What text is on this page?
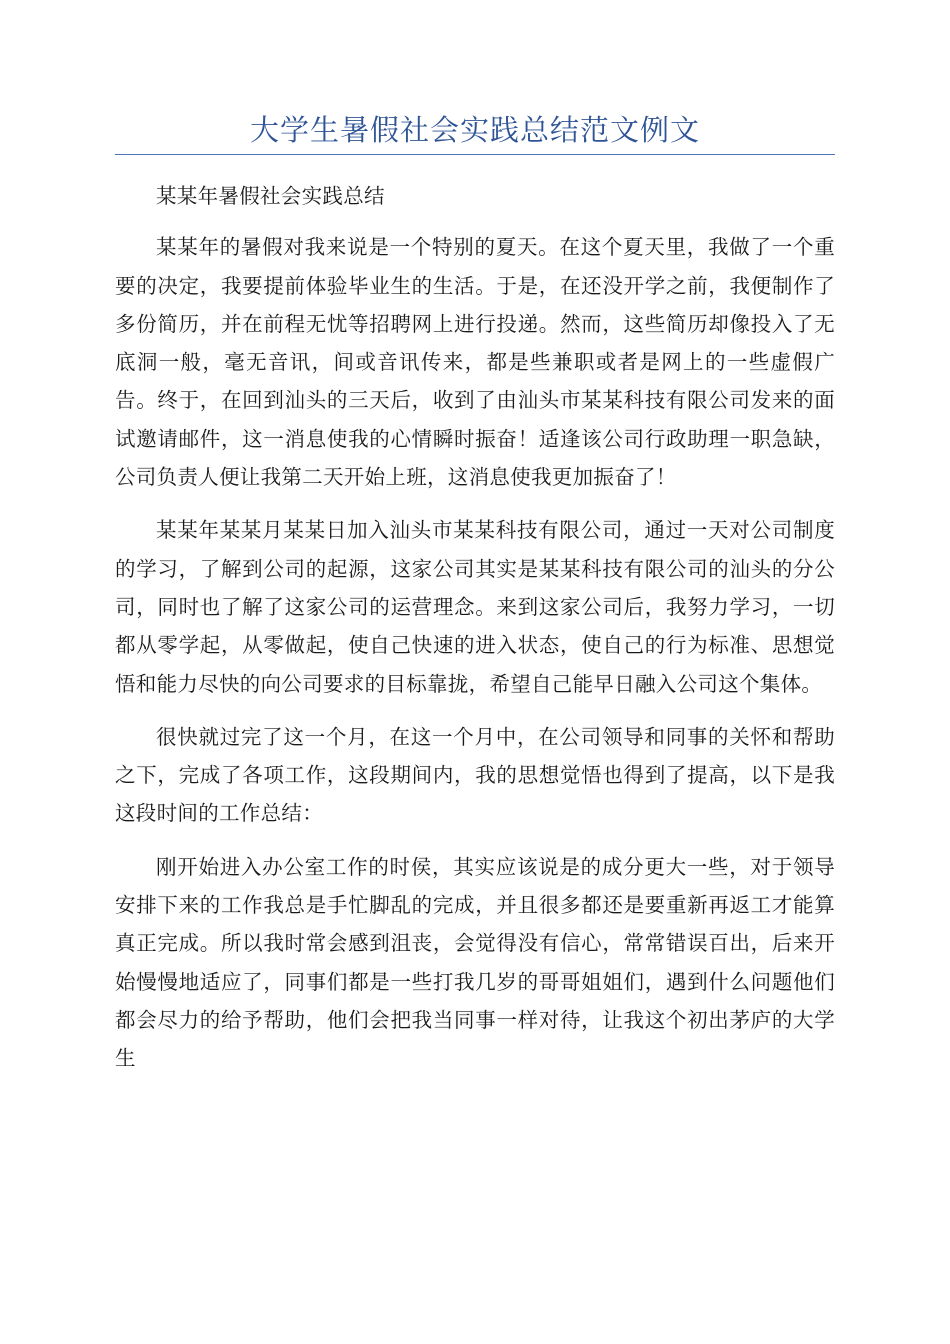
大学生暑假社会实践总结范文例文

某某年暑假社会实践总结

某某年的暑假对我来说是一个特别的夏天。在这个夏天里，我做了一个重要的决定，我要提前体验毕业生的生活。于是，在还没开学之前，我便制作了多份简历，并在前程无忧等招聘网上进行投递。然而，这些简历却像投入了无底洞一般，毫无音讯，间或音讯传来，都是些兼职或者是网上的一些虚假广告。终于，在回到汕头的三天后，收到了由汕头市某某科技有限公司发来的面试邀请邮件，这一消息使我的心情瞬时振奋！适逢该公司行政助理一职急缺，公司负责人便让我第二天开始上班，这消息使我更加振奋了！

某某年某某月某某日加入汕头市某某科技有限公司，通过一天对公司制度的学习，了解到公司的起源，这家公司其实是某某科技有限公司的汕头的分公司，同时也了解了这家公司的运营理念。来到这家公司后，我努力学习，一切都从零学起，从零做起，使自己快速的进入状态，使自己的行为标准、思想觉悟和能力尽快的向公司要求的目标靠拢，希望自己能早日融入公司这个集体。

很快就过完了这一个月，在这一个月中，在公司领导和同事的关怀和帮助之下，完成了各项工作，这段期间内，我的思想觉悟也得到了提高，以下是我这段时间的工作总结：

刚开始进入办公室工作的时侯，其实应该说是的成分更大一些，对于领导安排下来的工作我总是手忙脚乱的完成，并且很多都还是要重新再返工才能算真正完成。所以我时常会感到沮丧，会觉得没有信心，常常错误百出，后来开始慢慢地适应了，同事们都是一些打我几岁的哥哥姐姐们，遇到什么问题他们都会尽力的给予帮助，他们会把我当同事一样对待，让我这个初出茅庐的大学生
